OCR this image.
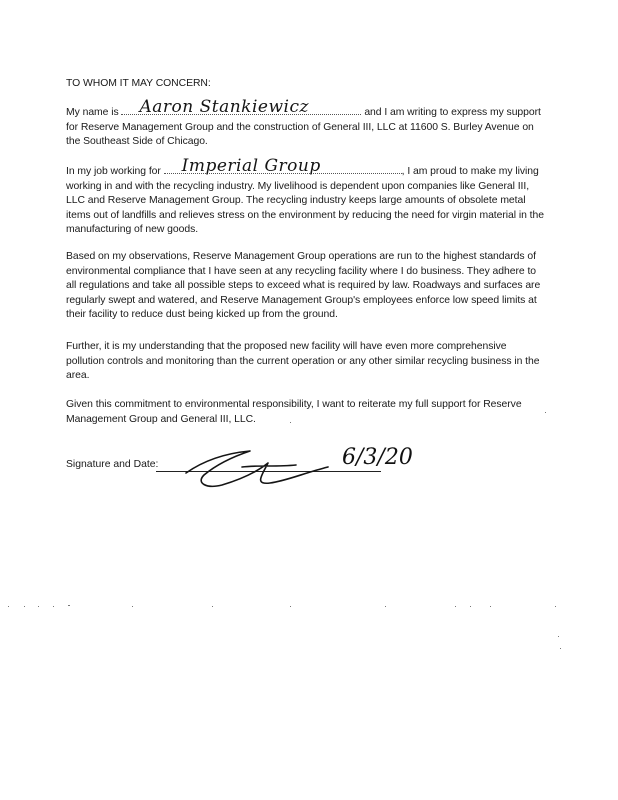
TO WHOM IT MAY CONCERN:
My name is Aaron Stankiewicz	and I am writing to express my support for Reserve Management Group and the construction of General III, LLC at 11600 S. Burley Avenue on the Southeast Side of Chicago.
In my job working for Imperial Group	, I am proud to make my living working in and with the recycling industry. My livelihood is dependent upon companies like General III, LLC and Reserve Management Group. The recycling industry keeps large amounts of obsolete metal items out of landfills and relieves stress on the environment by reducing the need for virgin material in the manufacturing of new goods.
Based on my observations, Reserve Management Group operations are run to the highest standards of environmental compliance that I have seen at any recycling facility where I do business. They adhere to all regulations and take all possible steps to exceed what is required by law. Roadways and surfaces are regularly swept and watered, and Reserve Management Group's employees enforce low speed limits at their facility to reduce dust being kicked up from the ground.
Further, it is my understanding that the proposed new facility will have even more comprehensive pollution controls and monitoring than the current operation or any other similar recycling business in the area.
Given this commitment to environmental responsibility, I want to reiterate my full support for Reserve Management Group and General III, LLC.
Signature and Date:	6/3/20
